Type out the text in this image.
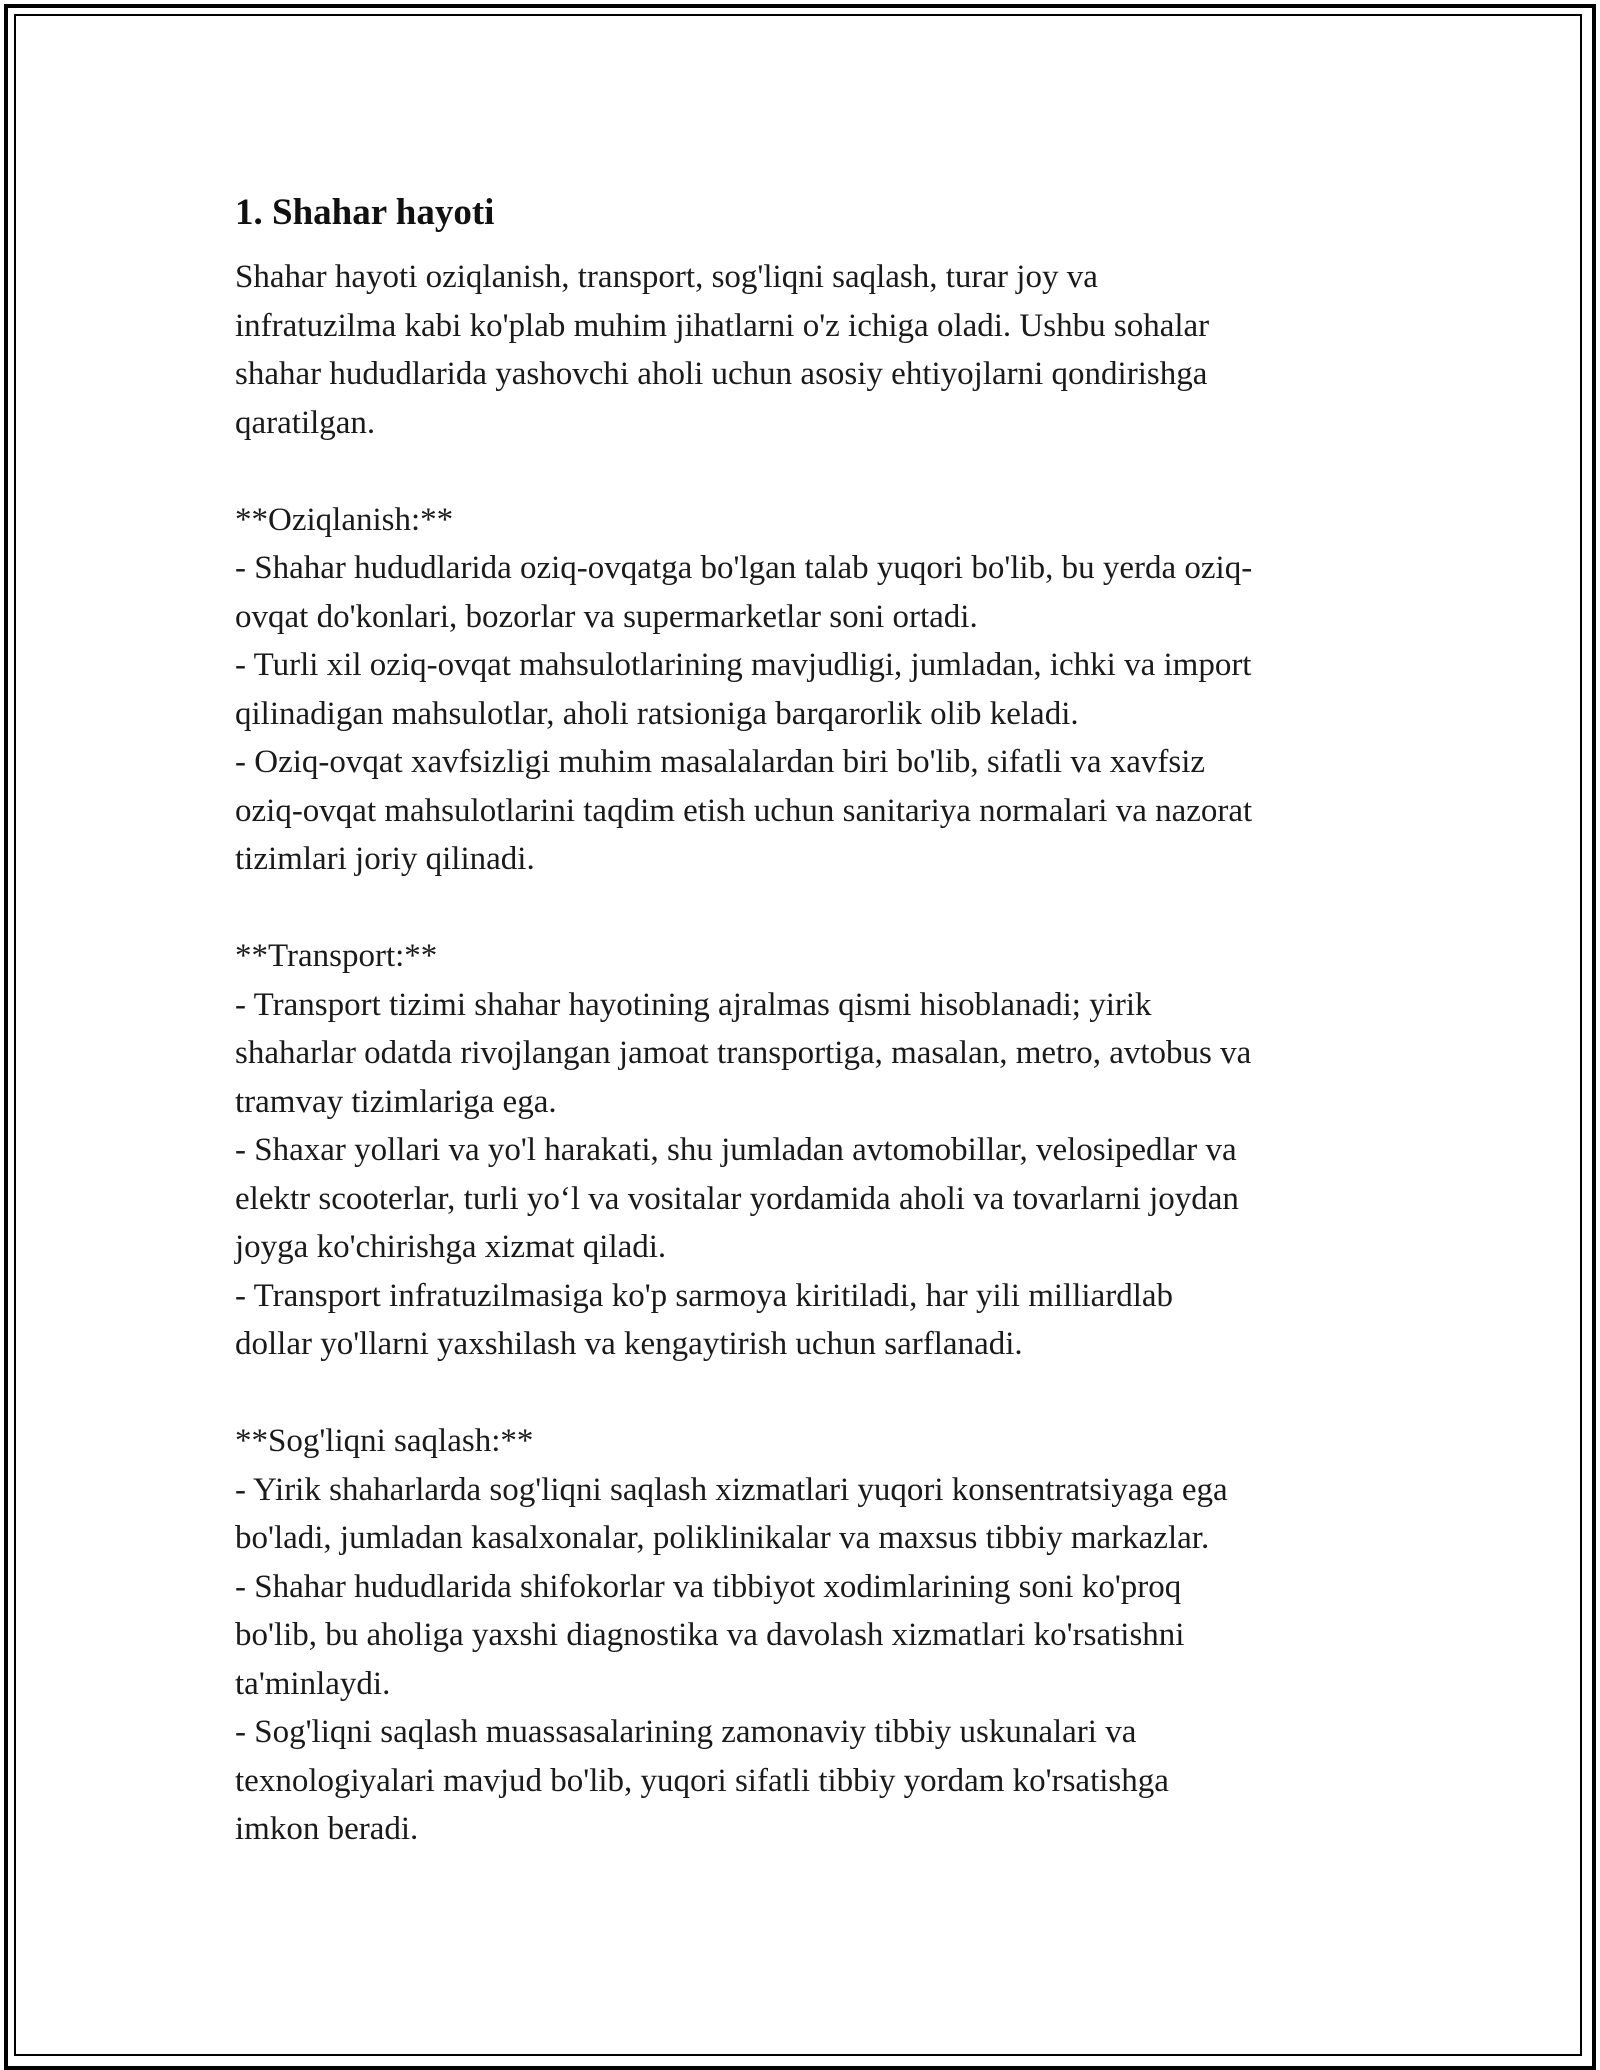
1. Shahar hayoti
Shahar hayoti oziqlanish, transport, sog'liqni saqlash, turar joy va
infratuzilma kabi ko'plab muhim jihatlarni o'z ichiga oladi. Ushbu sohalar
shahar hududlarida yashovchi aholi uchun asosiy ehtiyojlarni qondirishga
qaratilgan.
**Oziqlanish:**
- Shahar hududlarida oziq-ovqatga bo'lgan talab yuqori bo'lib, bu yerda oziq-
ovqat do'konlari, bozorlar va supermarketlar soni ortadi.
- Turli xil oziq-ovqat mahsulotlarining mavjudligi, jumladan, ichki va import
qilinadigan mahsulotlar, aholi ratsioniga barqarorlik olib keladi.
- Oziq-ovqat xavfsizligi muhim masalalardan biri bo'lib, sifatli va xavfsiz
oziq-ovqat mahsulotlarini taqdim etish uchun sanitariya normalari va nazorat
tizimlari joriy qilinadi.
**Transport:**
- Transport tizimi shahar hayotining ajralmas qismi hisoblanadi; yirik
shaharlar odatda rivojlangan jamoat transportiga, masalan, metro, avtobus va
tramvay tizimlariga ega.
- Shaxar yollari va yo'l harakati, shu jumladan avtomobillar, velosipedlar va
elektr scooterlar, turli yo‘l va vositalar yordamida aholi va tovarlarni joydan
joyga ko'chirishga xizmat qiladi.
- Transport infratuzilmasiga ko'p sarmoya kiritiladi, har yili milliardlab
dollar yo'llarni yaxshilash va kengaytirish uchun sarflanadi.
**Sog'liqni saqlash:**
- Yirik shaharlarda sog'liqni saqlash xizmatlari yuqori konsentratsiyaga ega
bo'ladi, jumladan kasalxonalar, poliklinikalar va maxsus tibbiy markazlar.
- Shahar hududlarida shifokorlar va tibbiyot xodimlarining soni ko'proq
bo'lib, bu aholiga yaxshi diagnostika va davolash xizmatlari ko'rsatishni
ta'minlaydi.
- Sog'liqni saqlash muassasalarining zamonaviy tibbiy uskunalari va
texnologiyalari mavjud bo'lib, yuqori sifatli tibbiy yordam ko'rsatishga
imkon beradi.
